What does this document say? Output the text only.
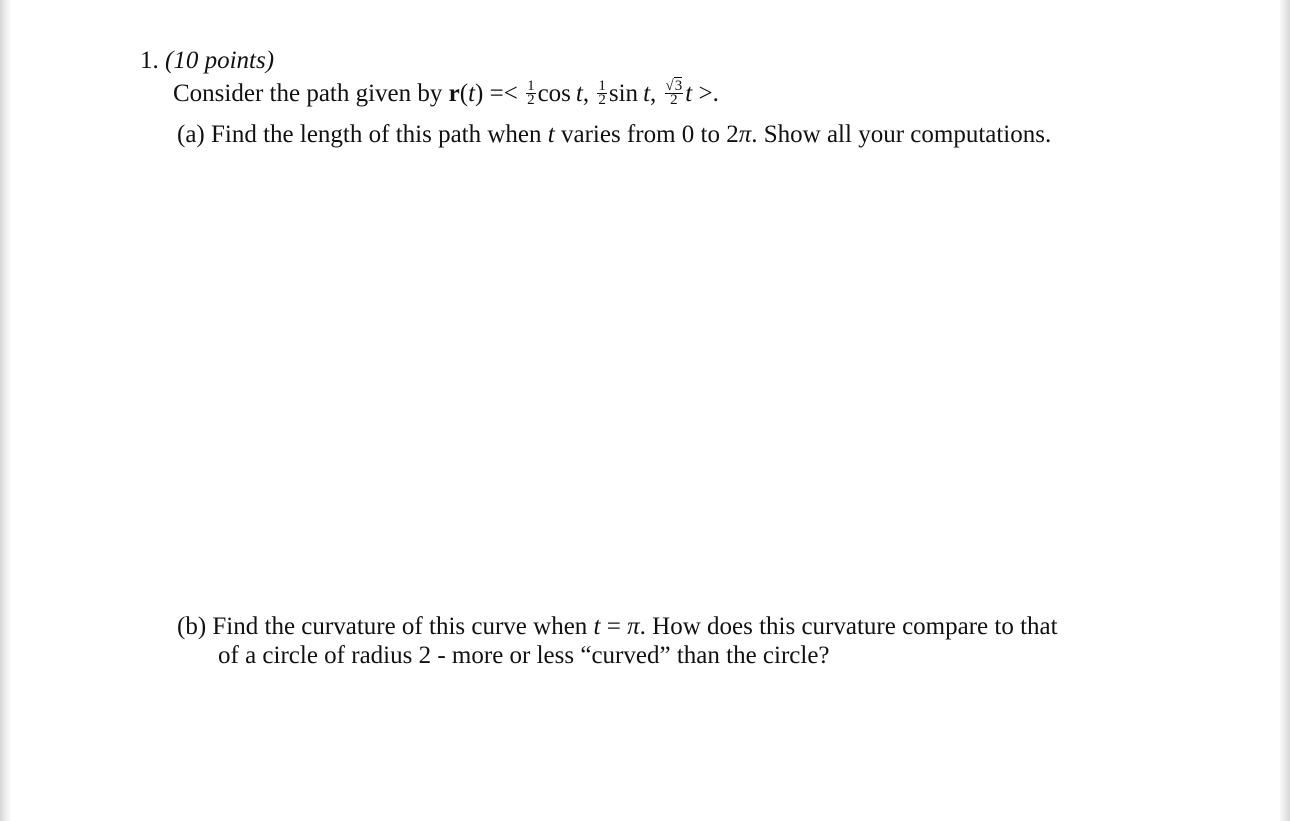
1. (10 points)
Consider the path given by $r(t) =< \frac{1}{2}$ cos  t, $\frac{1}{2}$ sin  t, $\frac{√3}{2}$ t >.
(a) Find the length of this path when t varies from 0 to 2π. Show all your computations.
(b) Find the curvature of this curve when t = π. How does this curvature compare to that
of a circle of radius 2 - more or less “curved” than the circle?
